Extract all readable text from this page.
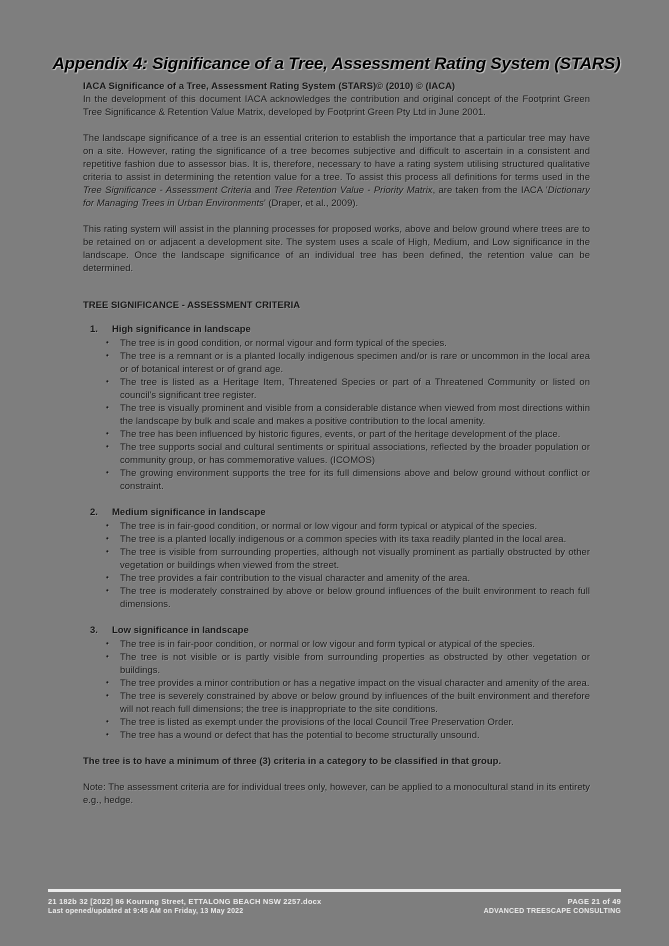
Appendix 4: Significance of a Tree, Assessment Rating System (STARS)

IACA Significance of a Tree, Assessment Rating System (STARS)© (2010) © (IACA)

In the development of this document IACA acknowledges the contribution and original concept of the Footprint Green Tree Significance & Retention Value Matrix, developed by Footprint Green Pty Ltd in June 2001.

The landscape significance of a tree is an essential criterion to establish the importance that a particular tree may have on a site. However, rating the significance of a tree becomes subjective and difficult to ascertain in a consistent and repetitive fashion due to assessor bias. It is, therefore, necessary to have a rating system utilising structured qualitative criteria to assist in determining the retention value for a tree. To assist this process all definitions for terms used in the Tree Significance - Assessment Criteria and Tree Retention Value - Priority Matrix, are taken from the IACA 'Dictionary for Managing Trees in Urban Environments' (Draper, et al., 2009).

This rating system will assist in the planning processes for proposed works, above and below ground where trees are to be retained on or adjacent a development site. The system uses a scale of High, Medium, and Low significance in the landscape. Once the landscape significance of an individual tree has been defined, the retention value can be determined.

TREE SIGNIFICANCE - ASSESSMENT CRITERIA

1.	High significance in landscape
• The tree is in good condition, or normal vigour and form typical of the species.
• The tree is a remnant or is a planted locally indigenous specimen and/or is rare or uncommon in the local area or of botanical interest or of grand age.
• The tree is listed as a Heritage Item, Threatened Species or part of a Threatened Community or listed on council's significant tree register.
• The tree is visually prominent and visible from a considerable distance when viewed from most directions within the landscape by bulk and scale and makes a positive contribution to the local amenity.
• The tree has been influenced by historic figures, events, or part of the heritage development of the place.
• The tree supports social and cultural sentiments or spiritual associations, reflected by the broader population or community group, or has commemorative values. (ICOMOS)
• The growing environment supports the tree for its full dimensions above and below ground without conflict or constraint.
2.	Medium significance in landscape
• The tree is in fair-good condition, or normal or low vigour and form typical or atypical of the species.
• The tree is a planted locally indigenous or a common species with its taxa readily planted in the local area.
• The tree is visible from surrounding properties, although not visually prominent as partially obstructed by other vegetation or buildings when viewed from the street.
• The tree provides a fair contribution to the visual character and amenity of the area.
• The tree is moderately constrained by above or below ground influences of the built environment to reach full dimensions.
3.	Low significance in landscape
• The tree is in fair-poor condition, or normal or low vigour and form typical or atypical of the species.
• The tree is not visible or is partly visible from surrounding properties as obstructed by other vegetation or buildings.
• The tree provides a minor contribution or has a negative impact on the visual character and amenity of the area.
• The tree is severely constrained by above or below ground by influences of the built environment and therefore will not reach full dimensions; the tree is inappropriate to the site conditions.
• The tree is listed as exempt under the provisions of the local Council Tree Preservation Order.
• The tree has a wound or defect that has the potential to become structurally unsound.

The tree is to have a minimum of three (3) criteria in a category to be classified in that group.

Note: The assessment criteria are for individual trees only, however, can be applied to a monocultural stand in its entirety e.g., hedge.

21 182b 32 [2022] 86 Kourung Street, ETTALONG BEACH NSW 2257.docx
Last opened/updated at 9:45 AM on Friday, 13 May 2022
PAGE 21 of 49
ADVANCED TREESCAPE CONSULTING
